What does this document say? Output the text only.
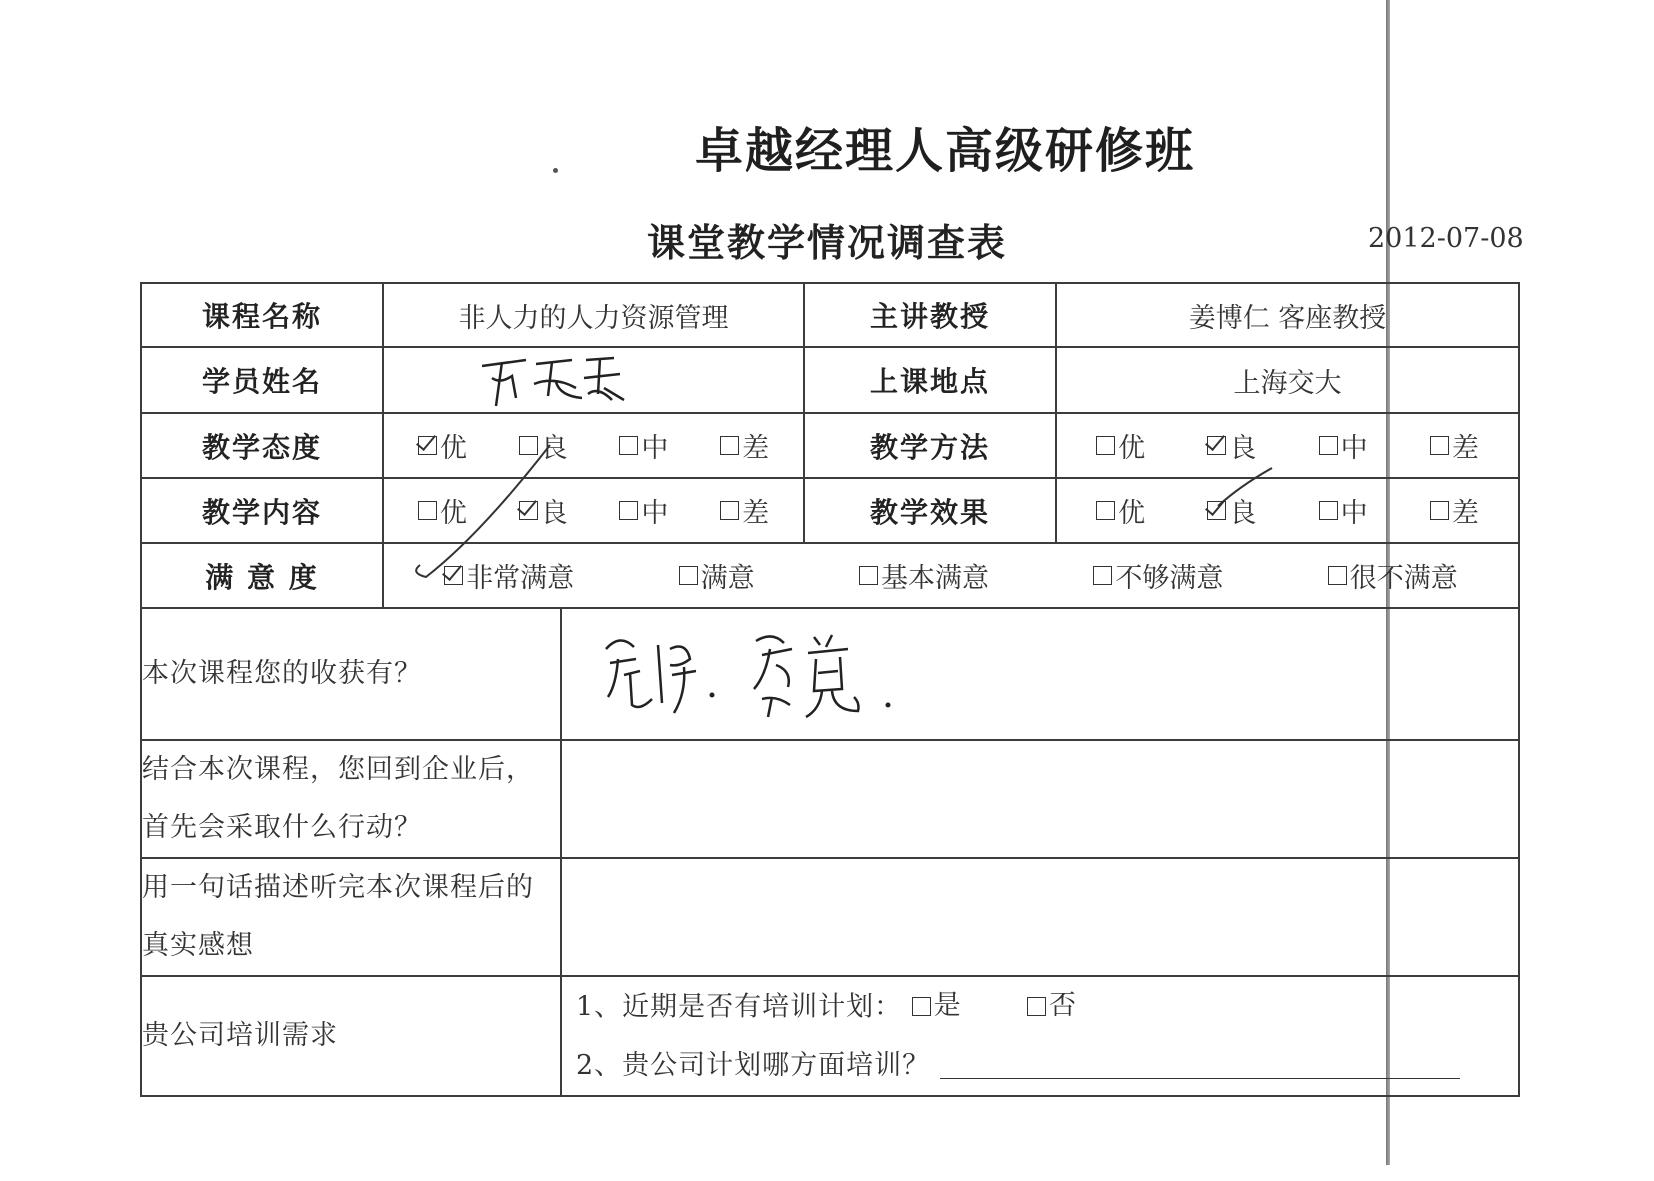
卓越经理人高级研修班
课堂教学情况调查表	2012-07-08
课程名称	非人力的人力资源管理		主讲教授	姜博仁 客座教授
学员姓名			上课地点	上海交大
教学态度	优 良 中 差		教学方法	优 良 中 差

教学内容	优 良 中 差		教学效果	优 良 中 差

满 意 度	非常满意 满意 基本满意 不够满意 很不满意			

本次课程您的收获有？	

结合本次课程，您回到企业后，首先会采取什么行动？				
用一句话描述听完本次课程后的真实感想				
贵公司培训需求		1、近期是否有培训计划： 是
否
2、贵公司计划哪方面培训？		
